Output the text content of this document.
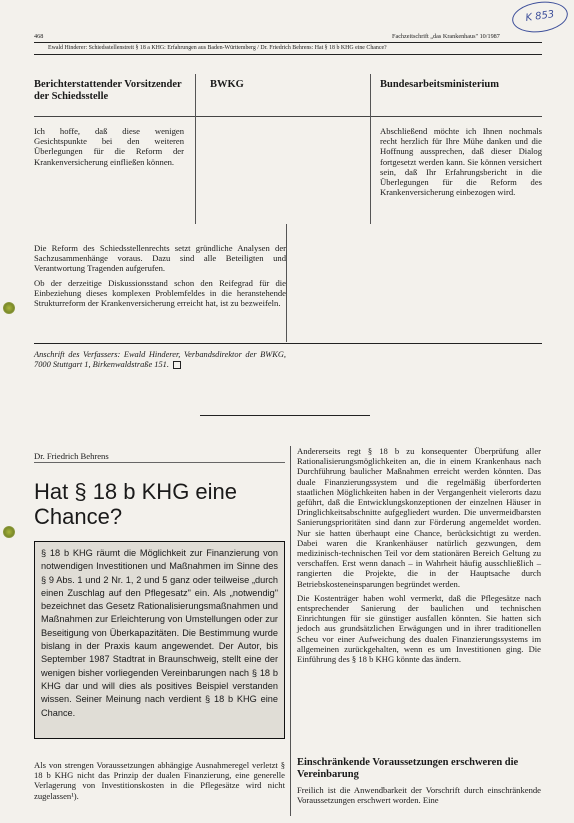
468	Fachzeitschrift „das Krankenhaus" 10/1987
Ewald Hinderer: Schiedsstellenstreit § 18 a KHG: Erfahrungen aus Baden-Württemberg / Dr. Friedrich Behrens: Hat § 18 b KHG eine Chance?
K 853
Berichterstattender Vorsitzender der Schiedsstelle
BWKG	Bundesarbeitsministerium
Ich hoffe, daß diese wenigen Gesichtspunkte bei den weiteren Überlegungen für die Reform der Krankenversicherung einfließen können.
Abschließend möchte ich Ihnen nochmals recht herzlich für Ihre Mühe danken und die Hoffnung aussprechen, daß dieser Dialog fortgesetzt werden kann. Sie können versichert sein, daß Ihr Erfahrungsbericht in die Überlegungen für die Reform des Krankenversicherung einbezogen wird.

Die Reform des Schiedsstellenrechts setzt gründliche Analysen der Sachzusammenhänge voraus. Dazu sind alle Beteiligten und Verantwortung Tragenden aufgerufen.

Ob der derzeitige Diskussionsstand schon den Reifegrad für die Einbeziehung dieses komplexen Problemfeldes in die heranstehende Strukturreform der Krankenversicherung erreicht hat, ist zu bezweifeln.

Anschrift des Verfassers: Ewald Hinderer, Verbandsdirektor der BWKG, 7000 Stuttgart 1, Birkenwaldstraße 151.
Dr. Friedrich Behrens
Hat § 18 b KHG eine Chance?
§ 18 b KHG räumt die Möglichkeit zur Finanzierung von notwendigen Investitionen und Maßnahmen im Sinne des § 9 Abs. 1 und 2 Nr. 1, 2 und 5 ganz oder teilweise „durch einen Zuschlag auf den Pflegesatz" ein. Als „notwendig" bezeichnet das Gesetz Rationalisierungsmaßnahmen und Maßnahmen zur Erleichterung von Umstellungen oder zur Beseitigung von Überkapazitäten. Die Bestimmung wurde bislang in der Praxis kaum angewendet. Der Autor, bis September 1987 Stadtrat in Braunschweig, stellt eine der wenigen bisher vorliegenden Vereinbarungen nach § 18 b KHG dar und will dies als positives Beispiel verstanden wissen. Seiner Meinung nach verdient § 18 b KHG eine Chance.
Als von strengen Voraussetzungen abhängige Ausnahmeregel verletzt § 18 b KHG nicht das Prinzip der dualen Finanzierung, eine generelle Verlagerung von Investitionskosten in die Pflegesätze wird nicht zugelassen¹).

Andererseits regt § 18 b zu konsequenter Überprüfung aller Rationalisierungsmöglichkeiten an, die in einem Krankenhaus nach Durchführung baulicher Maßnahmen erreicht werden könnten. Das duale Finanzierungssystem und die regelmäßig überforderten staatlichen Möglichkeiten haben in der Vergangenheit vielerorts dazu geführt, daß die Entwicklungskonzeptionen der einzelnen Häuser in Dringlichkeitsabschnitte aufgegliedert wurden. Die unvermeidbarsten Sanierungsprioritäten sind dann zur Förderung angemeldet worden. Nur sie hatten überhaupt eine Chance, berücksichtigt zu werden. Dabei waren die Krankenhäuser natürlich gezwungen, dem medizinisch-technischen Teil vor dem stationären Bereich Geltung zu verschaffen. Erst wenn danach – in Wahrheit häufig ausschließlich – rangierten die Projekte, die in der Hauptsache durch Betriebskosteneinsparungen begründet werden.

Die Kostenträger haben wohl vermerkt, daß die Pflegesätze nach entsprechender Sanierung der baulichen und technischen Einrichtungen für sie günstiger ausfallen könnten. Sie hatten sich jedoch aus grundsätzlichen Erwägungen und in ihrer traditionellen Scheu vor einer Aufweichung des dualen Finanzierungssystems im allgemeinen zurückgehalten, wenn es um Investitionen ging. Die Einführung des § 18 b KHG könnte das ändern.

Einschränkende Voraussetzungen erschweren die Vereinbarung
Freilich ist die Anwendbarkeit der Vorschrift durch einschränkende Voraussetzungen erschwert worden. Eine
